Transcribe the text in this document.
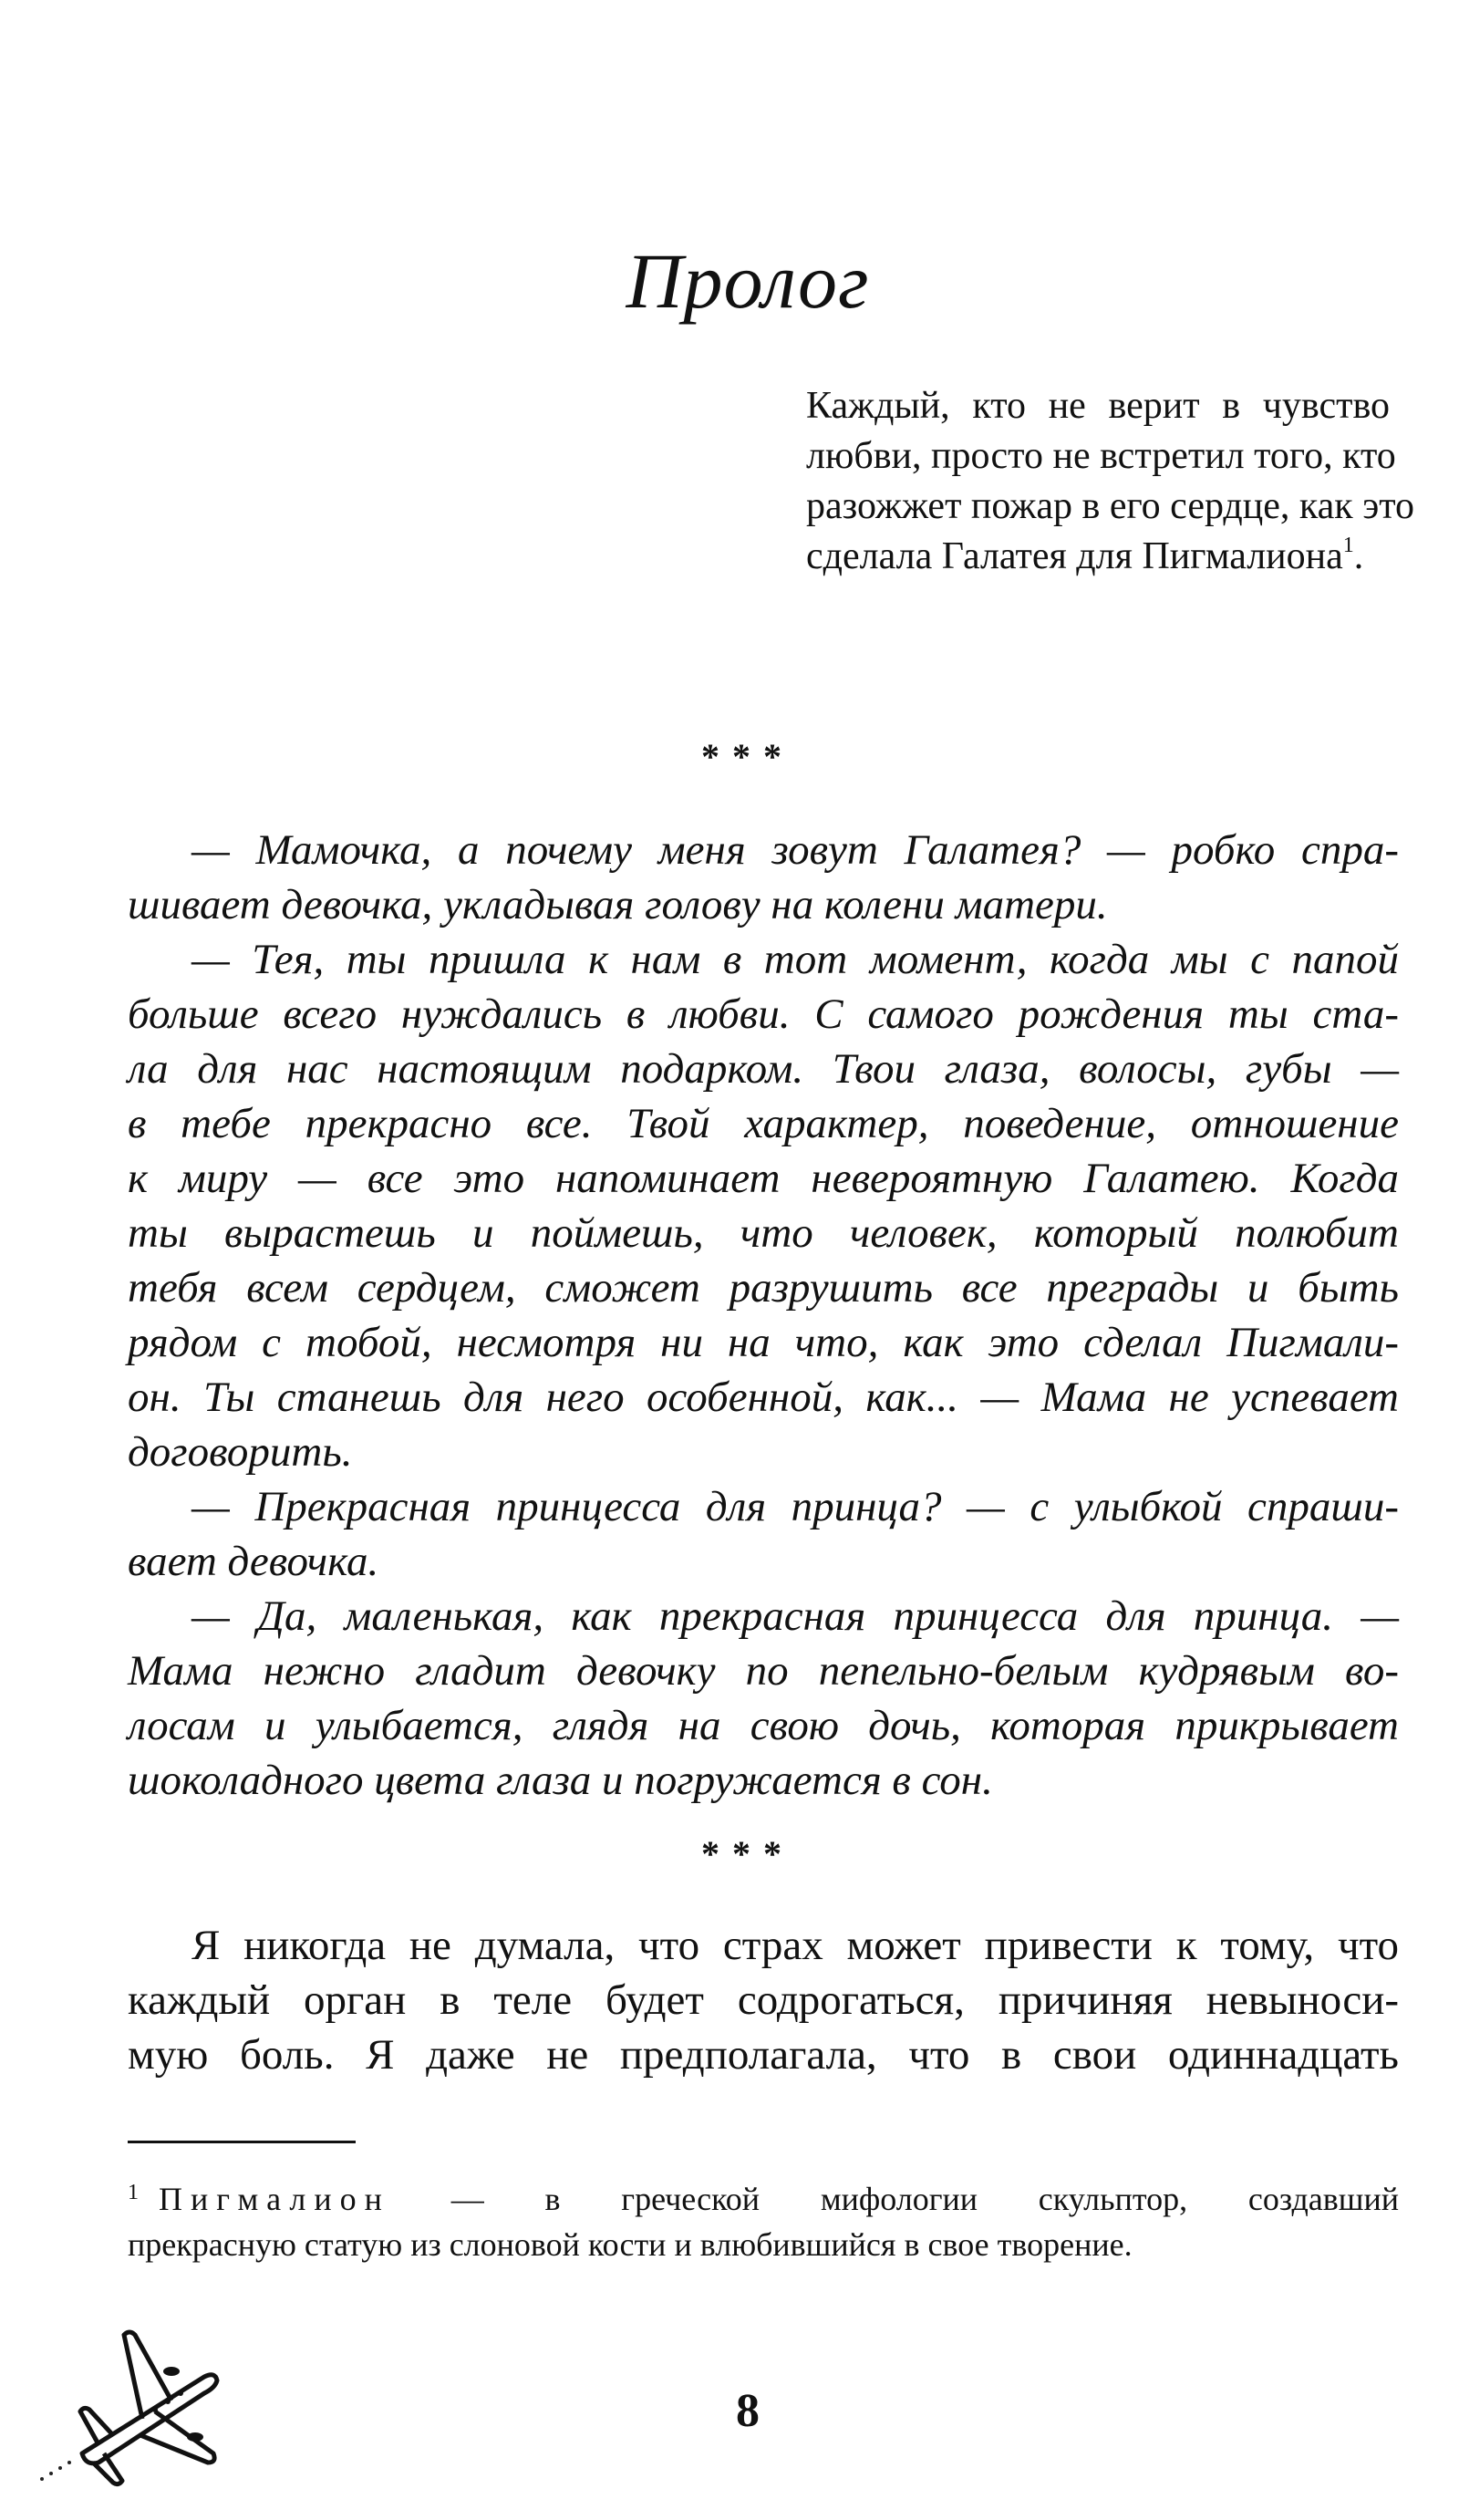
Пролог
Каждый, кто не верит в чувство
любви, просто не встретил того, кто
разожжет пожар в его сердце, как это
сделала Галатея для Пигмалиона$^1$.
***
— Мамочка, а почему меня зовут Галатея? — робко спра-
шивает девочка, укладывая голову на колени матери.
— Тея, ты пришла к нам в тот момент, когда мы с папой
больше всего нуждались в любви. С самого рождения ты ста-
ла для нас настоящим подарком. Твои глаза, волосы, губы —
в тебе прекрасно все. Твой характер, поведение, отношение
к миру — все это напоминает невероятную Галатею. Когда
ты вырастешь и поймешь, что человек, который полюбит
тебя всем сердцем, сможет разрушить все преграды и быть
рядом с тобой, несмотря ни на что, как это сделал Пигмали-
он. Ты станешь для него особенной, как... — Мама не успевает
договорить.
— Прекрасная принцесса для принца? — с улыбкой спраши-
вает девочка.
— Да, маленькая, как прекрасная принцесса для принца. —
Мама нежно гладит девочку по пепельно-белым кудрявым во-
лосам и улыбается, глядя на свою дочь, которая прикрывает
шоколадного цвета глаза и погружается в сон.
***
Я никогда не думала, что страх может привести к тому, что
каждый орган в теле будет содрогаться, причиняя невыноси-
мую боль. Я даже не предполагала, что в свои одиннадцать
$^1$ Пигмалион — в греческой мифологии скульптор, создавший
прекрасную статую из слоновой кости и влюбившийся в свое творение.
8
